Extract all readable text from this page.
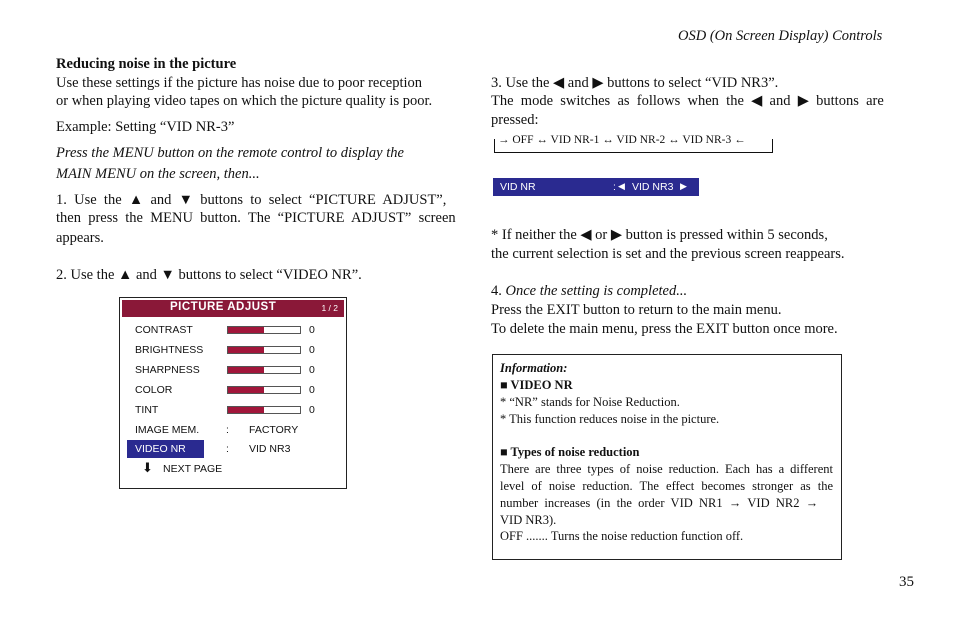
OSD (On Screen Display) Controls
Reducing noise in the picture
Use these settings if the picture has noise due to poor reception
or when playing video tapes on which the picture quality is poor.
Example: Setting “VID NR-3”
Press the MENU button on the remote control to display the
MAIN MENU on the screen, then...
1.  Use  the  ▲  and  ▼  buttons  to  select  “PICTURE  ADJUST”,
then  press  the  MENU  button.  The  “PICTURE  ADJUST”  screen
appears.
2. Use the ▲ and ▼ buttons to select “VIDEO NR”.
PICTURE ADJUST	1 / 2
CONTRAST	0
BRIGHTNESS	0
SHARPNESS	0
COLOR	0
TINT	0
IMAGE MEM.	: FACTORY
VIDEO NR	: VID NR3
⬇ NEXT PAGE
3. Use the ◀ and ▶ buttons to select “VID NR3”.
The  mode  switches  as  follows  when  the  ◀  and  ▶  buttons  are
pressed:
→ OFF ↔ VID NR-1 ↔ VID NR-2 ↔ VID NR-3 ←
VID NR	: ◀ VID NR3 ▶
* If neither the ◀ or ▶ button is pressed within 5 seconds,
the current selection is set and the previous screen reappears.
4. Once the setting is completed...
Press the EXIT button to return to the main menu.
To delete the main menu, press the EXIT button once more.
Information:
■ VIDEO NR
* “NR” stands for Noise Reduction.
* This function reduces noise in the picture.
■ Types of noise reduction
There are three types of noise reduction. Each has a different
level of noise reduction. The effect becomes stronger as the
number  increases  (in  the  order  VID  NR1  →  VID  NR2  →
VID NR3).
OFF ....... Turns the noise reduction function off.
35
